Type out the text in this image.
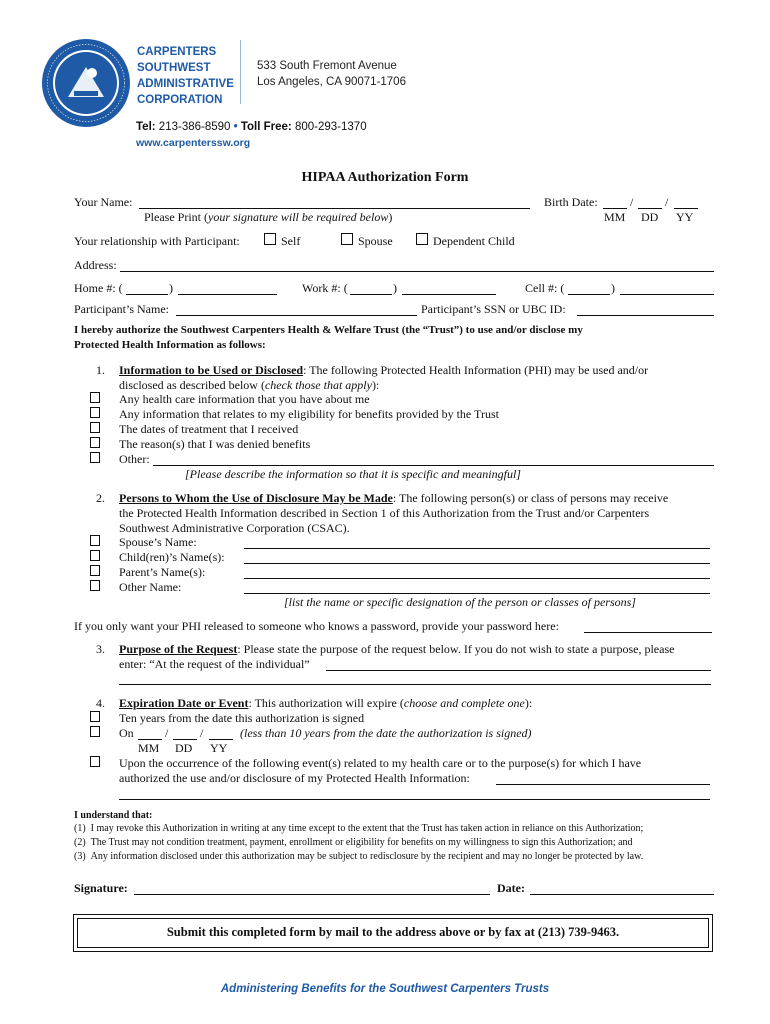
CARPENTERS
SOUTHWEST
ADMINISTRATIVE
CORPORATION
533 South Fremont Avenue
Los Angeles, CA 90071-1706
Tel: 213-386-8590 • Toll Free: 800-293-1370
www.carpenterssw.org
HIPAA Authorization Form
Your Name:	Birth Date:	/	/
Please Print (your signature will be required below)	MM DD YY
Your relationship with Participant:	Self	Spouse	Dependent Child
Address:
Home #: (	)	Work #: (	)	Cell #: (	)
Participant’s Name:	Participant’s SSN or UBC ID:
I hereby authorize the Southwest Carpenters Health & Welfare Trust (the “Trust”) to use and/or disclose my
Protected Health Information as follows:
1. Information to be Used or Disclosed: The following Protected Health Information (PHI) may be used and/or
disclosed as described below (check those that apply):
Any health care information that you have about me
Any information that relates to my eligibility for benefits provided by the Trust
The dates of treatment that I received
The reason(s) that I was denied benefits
Other:
[Please describe the information so that it is specific and meaningful]
2. Persons to Whom the Use of Disclosure May be Made: The following person(s) or class of persons may receive
the Protected Health Information described in Section 1 of this Authorization from the Trust and/or Carpenters
Southwest Administrative Corporation (CSAC).
Spouse’s Name:
Child(ren)’s Name(s):
Parent’s Name(s):
Other Name:
[list the name or specific designation of the person or classes of persons]
If you only want your PHI released to someone who knows a password, provide your password here:
3. Purpose of the Request: Please state the purpose of the request below. If you do not wish to state a purpose, please
enter: “At the request of the individual”
4. Expiration Date or Event: This authorization will expire (choose and complete one):
Ten years from the date this authorization is signed
On	/	/	(less than 10 years from the date the authorization is signed)
MM DD YY
Upon the occurrence of the following event(s) related to my health care or to the purpose(s) for which I have
authorized the use and/or disclosure of my Protected Health Information:
I understand that:
(1)  I may revoke this Authorization in writing at any time except to the extent that the Trust has taken action in reliance on this Authorization;
(2)  The Trust may not condition treatment, payment, enrollment or eligibility for benefits on my willingness to sign this Authorization; and
(3)  Any information disclosed under this authorization may be subject to redisclosure by the recipient and may no longer be protected by law.
Signature:	Date:
Submit this completed form by mail to the address above or by fax at (213) 739-9463.
Administering Benefits for the Southwest Carpenters Trusts
